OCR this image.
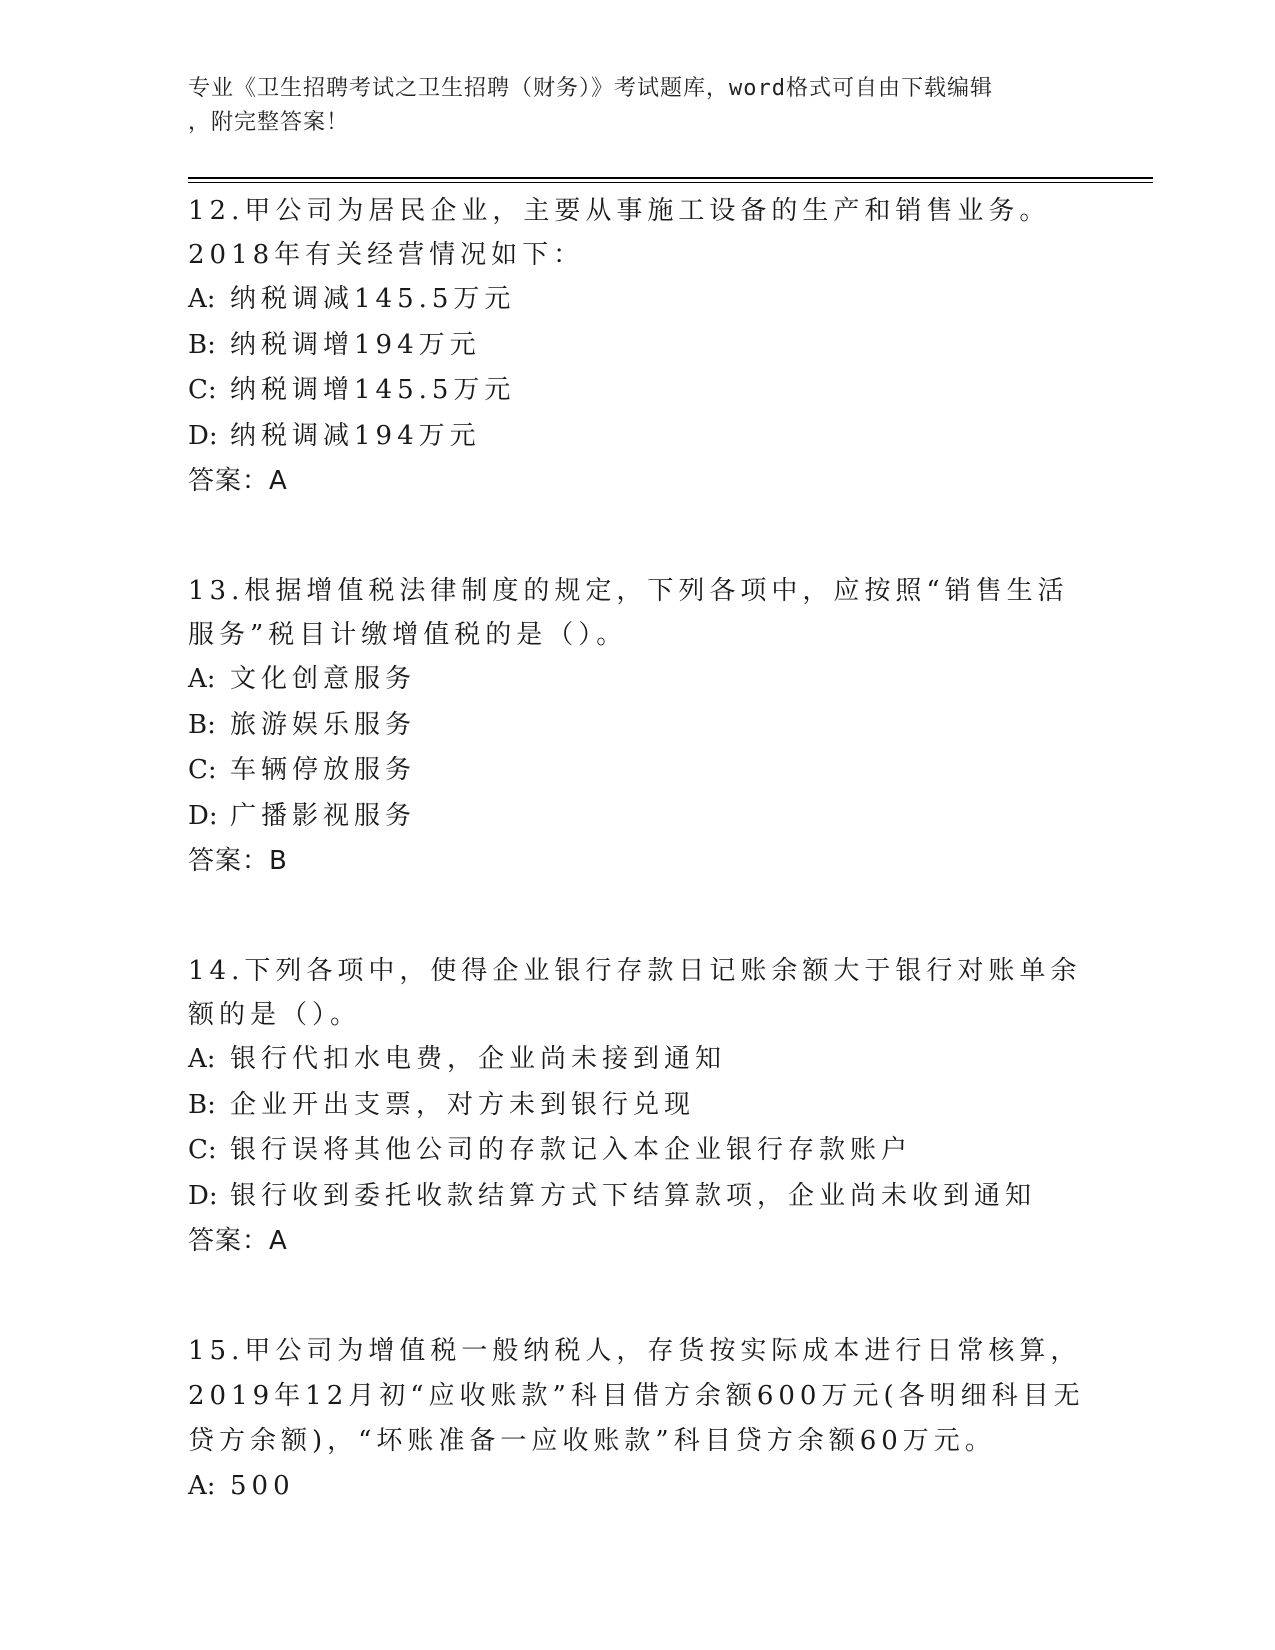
专业《卫生招聘考试之卫生招聘（财务）》考试题库，word格式可自由下载编辑
，附完整答案！

12.甲公司为居民企业，主要从事施工设备的生产和销售业务。2018年有关经营情况如下：

A: 纳税调减145.5万元

B: 纳税调增194万元

C: 纳税调增145.5万元

D: 纳税调减194万元

答案：A

13.根据增值税法律制度的规定，下列各项中，应按照“销售生活服务”税目计缴增值税的是（）。

A: 文化创意服务

B: 旅游娱乐服务

C: 车辆停放服务

D: 广播影视服务

答案：B

14.下列各项中，使得企业银行存款日记账余额大于银行对账单余额的是（）。

A: 银行代扣水电费，企业尚未接到通知

B: 企业开出支票，对方未到银行兑现

C: 银行误将其他公司的存款记入本企业银行存款账户

D: 银行收到委托收款结算方式下结算款项，企业尚未收到通知

答案：A

15.甲公司为增值税一般纳税人，存货按实际成本进行日常核算，2019年12月初“应收账款”科目借方余额600万元(各明细科目无贷方余额)，“坏账准备一应收账款”科目贷方余额60万元。

A: 500
